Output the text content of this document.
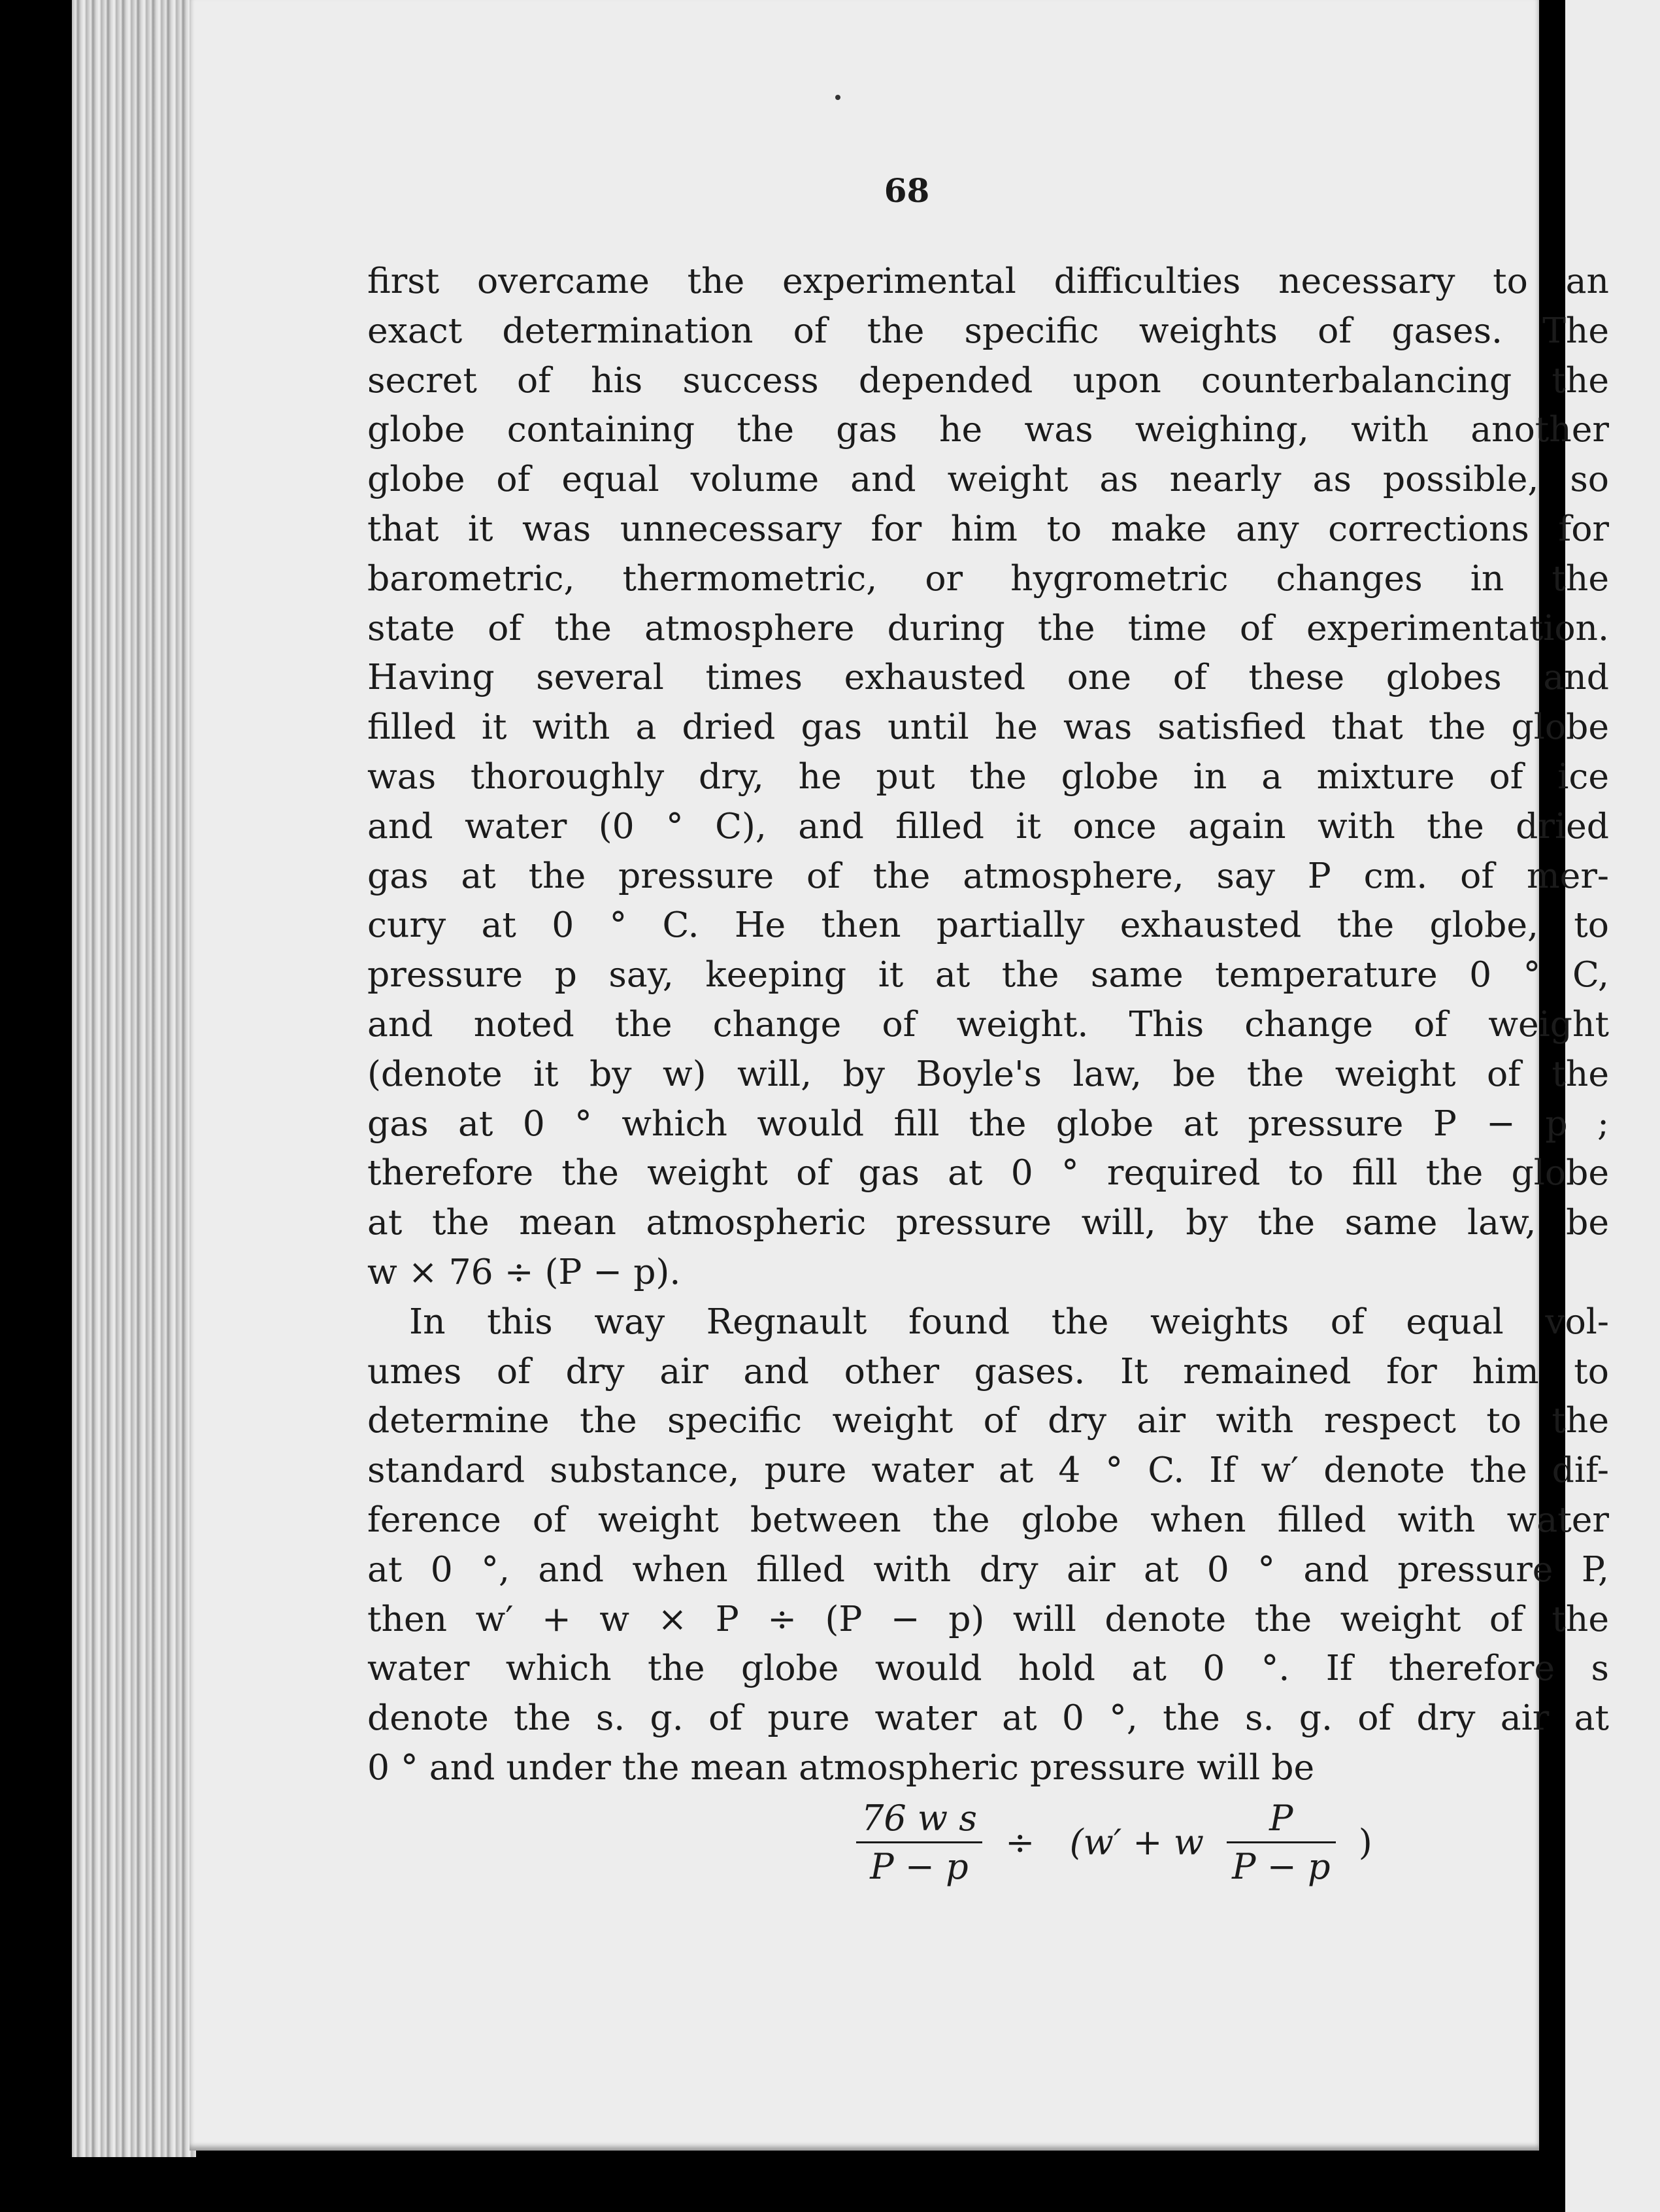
68
first overcame the experimental difficulties necessary to an
exact determination of the specific weights of gases. The
secret of his success depended upon counterbalancing the
globe containing the gas he was weighing, with another
globe of equal volume and weight as nearly as possible, so
that it was unnecessary for him to make any corrections for
barometric, thermometric, or hygrometric changes in the
state of the atmosphere during the time of experimentation.
Having several times exhausted one of these globes and
filled it with a dried gas until he was satisfied that the globe
was thoroughly dry, he put the globe in a mixture of ice
and water (0 ° C), and filled it once again with the dried
gas at the pressure of the atmosphere, say P cm. of mer-
cury at 0 ° C. He then partially exhausted the globe, to
pressure p say, keeping it at the same temperature 0 ° C,
and noted the change of weight. This change of weight
(denote it by w) will, by Boyle's law, be the weight of the
gas at 0 ° which would fill the globe at pressure P − p ;
therefore the weight of gas at 0 ° required to fill the globe
at the mean atmospheric pressure will, by the same law, be
w × 76 ÷ (P − p).
In this way Regnault found the weights of equal vol-
umes of dry air and other gases. It remained for him to
determine the specific weight of dry air with respect to the
standard substance, pure water at 4 ° C. If w′ denote the dif-
ference of weight between the globe when filled with water
at 0 °, and when filled with dry air at 0 ° and pressure P,
then w′ + w × P ÷ (P − p) will denote the weight of the
water which the globe would hold at 0 °. If therefore s
denote the s. g. of pure water at 0 °, the s. g. of dry air at
0 ° and under the mean atmospheric pressure will be
$\frac{\text{76 w s}}{P - p} \div (w' + w \frac{P}{P - p}$ )
